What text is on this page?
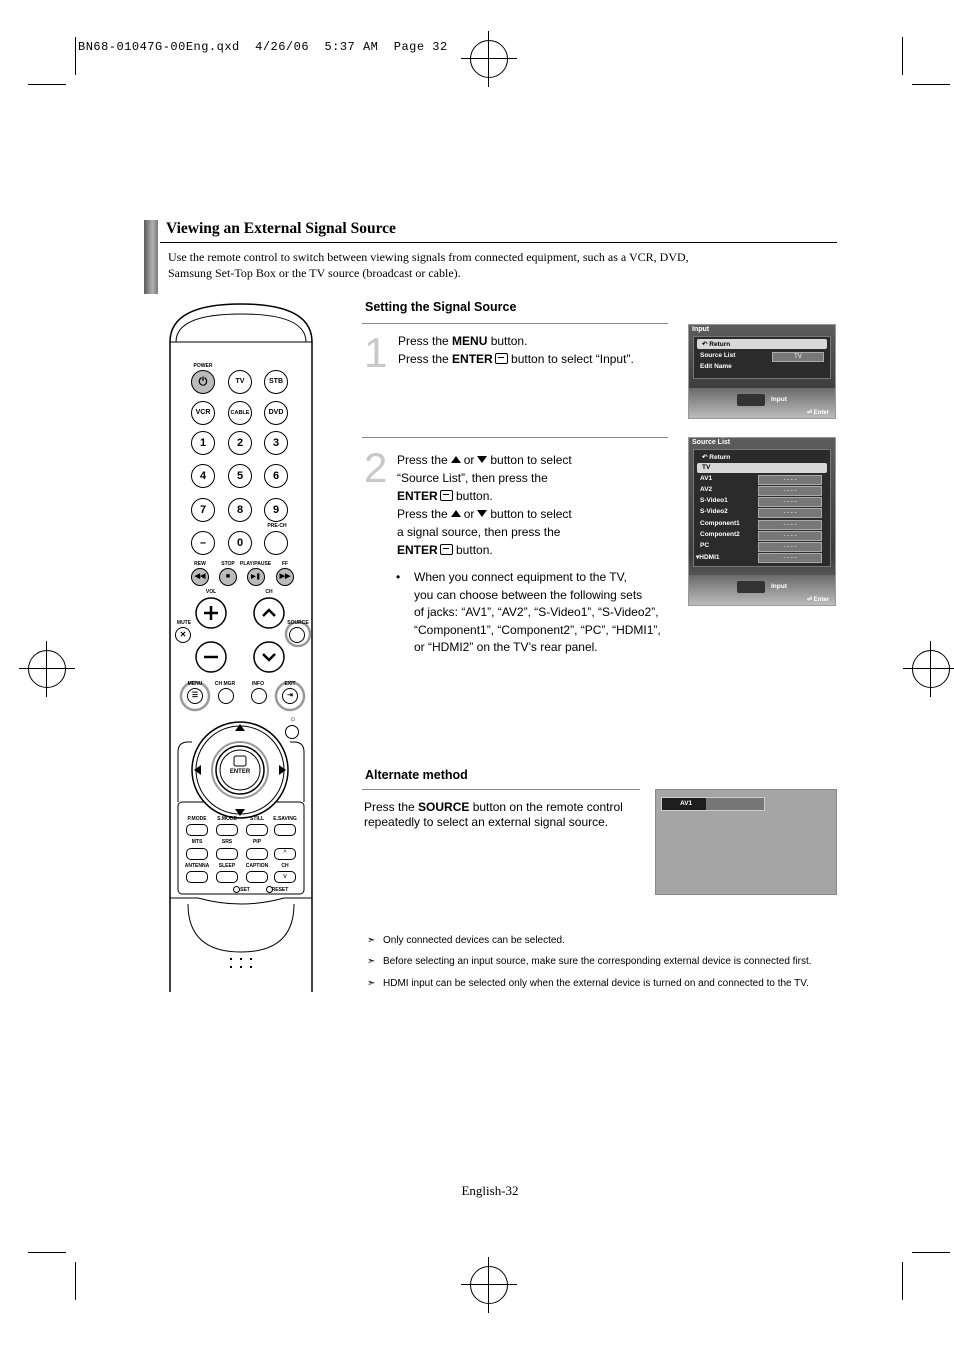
BN68-01047G-00Eng.qxd  4/26/06  5:37 AM  Page 32
Viewing an External Signal Source
Use the remote control to switch between viewing signals from connected equipment, such as a VCR, DVD,
Samsung Set-Top Box or the TV source (broadcast or cable).
POWER
⏻	TV	STB
VCR	CABLE	DVD
1	2	3
4	5	6
7	8	9
–	0
PRE-CH
REW	STOP	PLAY/PAUSE	FF
◀◀	■	▶❚	▶▶
VOL	CH
MUTE
✕
SOURCE
MENU	CH MGR	INFO	EXIT
☰	⇥
☼
ENTER
P.MODE	S.MODE	STILL	E.SAVING
MTS	SRS	PIP
^
ANTENNA	SLEEP	CAPTION	CH
v
SET	RESET
Setting the Signal Source
1 Press the MENU button.
Press the ENTER button to select “Input”.
2 Press the or button to select
“Source List”, then press the
ENTER button.
Press the or button to select
a signal source, then press the
ENTER button.
• When you connect equipment to the TV,
you can choose between the following sets
of jacks: “AV1”, “AV2”, “S-Video1”, “S-Video2”,
“Component1”, “Component2”, “PC”, “HDMI1”,
or “HDMI2” on the TV’s rear panel.
Input
↶ Return
Source List	TV
Edit Name
Input
⏎ Enter
Source List
↶ Return
TV
AV1
AV2
S-Video1
S-Video2
Component1
Component2
PC
▾HDMI1
- - - -
- - - -
- - - -
- - - -
- - - -
- - - -
- - - -
- - - -
Input
⏎ Enter
Alternate method
Press the SOURCE button on the remote control
repeatedly to select an external signal source.
AV1
➣ Only connected devices can be selected.
➣ Before selecting an input source, make sure the corresponding external device is connected first.
➣ HDMI input can be selected only when the external device is turned on and connected to the TV.
English-32
